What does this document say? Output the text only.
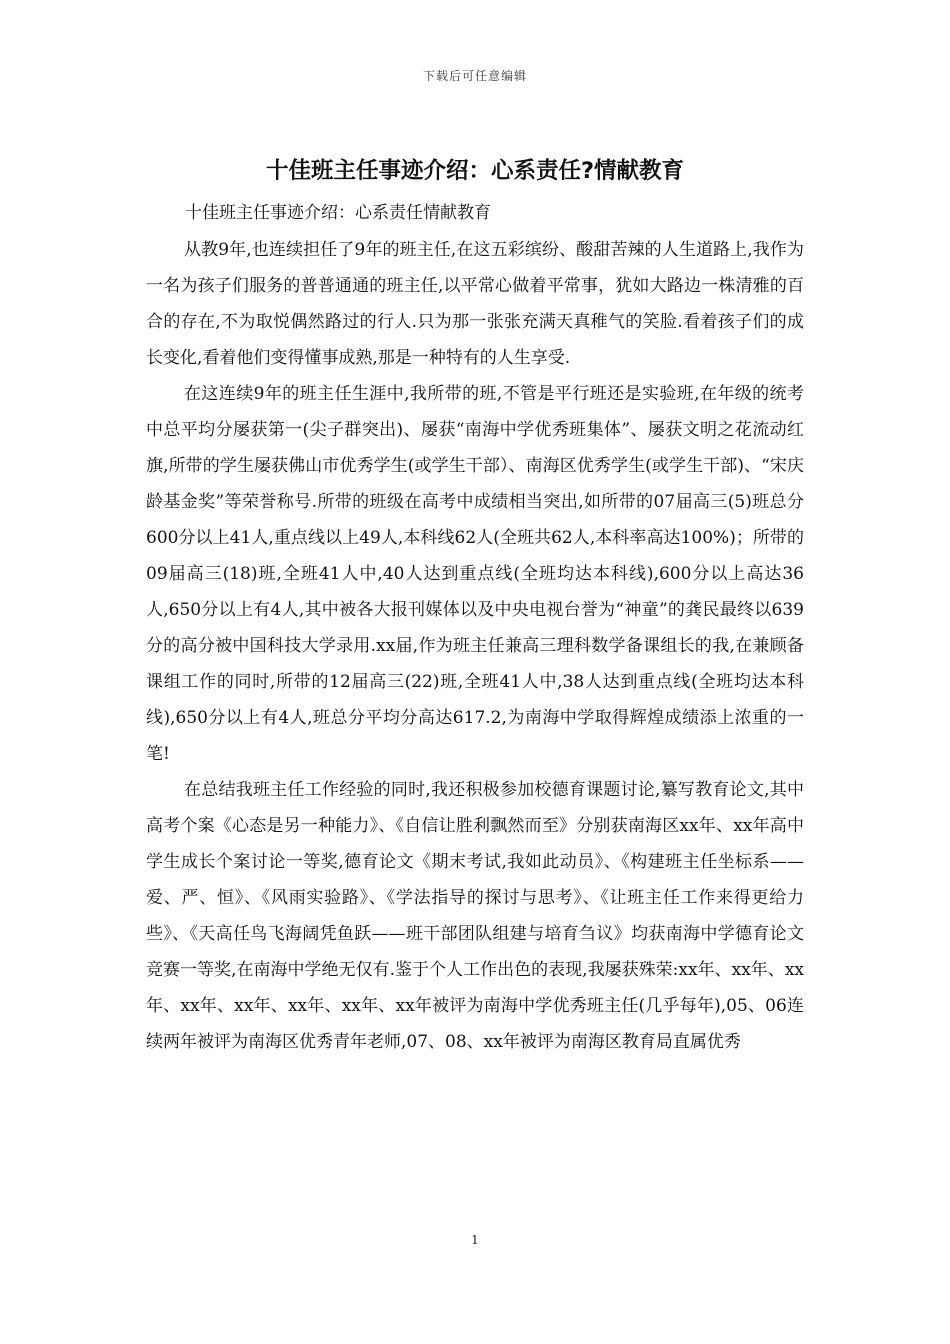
下载后可任意编辑
十佳班主任事迹介绍：心系责任?情献教育
十佳班主任事迹介绍：心系责任情献教育

从教9年,也连续担任了9年的班主任,在这五彩缤纷、酸甜苦辣的人生道路上,我作为一名为孩子们服务的普普通通的班主任,以平常心做着平常事，犹如大路边一株清雅的百合的存在,不为取悦偶然路过的行人.只为那一张张充满天真稚气的笑脸.看着孩子们的成长变化,看着他们变得懂事成熟,那是一种特有的人生享受.

在这连续9年的班主任生涯中,我所带的班,不管是平行班还是实验班,在年级的统考中总平均分屡获第一(尖子群突出)、屡获“南海中学优秀班集体”、屡获文明之花流动红旗,所带的学生屡获佛山市优秀学生(或学生干部）、南海区优秀学生(或学生干部)、“宋庆龄基金奖”等荣誉称号.所带的班级在高考中成绩相当突出,如所带的07届高三(5)班总分600分以上41人,重点线以上49人,本科线62人(全班共62人,本科率高达100%)；所带的09届高三(18)班,全班41人中,40人达到重点线(全班均达本科线),600分以上高达36人,650分以上有4人,其中被各大报刊媒体以及中央电视台誉为“神童”的龚民最终以639分的高分被中国科技大学录用.xx届,作为班主任兼高三理科数学备课组长的我,在兼顾备课组工作的同时,所带的12届高三(22)班,全班41人中,38人达到重点线(全班均达本科线),650分以上有4人,班总分平均分高达617.2,为南海中学取得辉煌成绩添上浓重的一笔!

在总结我班主任工作经验的同时,我还积极参加校德育课题讨论,纂写教育论文,其中高考个案《心态是另一种能力》、《自信让胜利飘然而至》分别获南海区xx年、xx年高中学生成长个案讨论一等奖,德育论文《期末考试,我如此动员》、《构建班主任坐标系——爱、严、恒》、《风雨实验路》、《学法指导的探讨与思考》、《让班主任工作来得更给力些》、《天高任鸟飞海阔凭鱼跃——班干部团队组建与培育刍议》均获南海中学德育论文竞赛一等奖,在南海中学绝无仅有.鉴于个人工作出色的表现,我屡获殊荣:xx年、xx年、xx年、xx年、xx年、xx年、xx年、xx年被评为南海中学优秀班主任(几乎每年),05、06连续两年被评为南海区优秀青年老师,07、08、xx年被评为南海区教育局直属优秀

1
